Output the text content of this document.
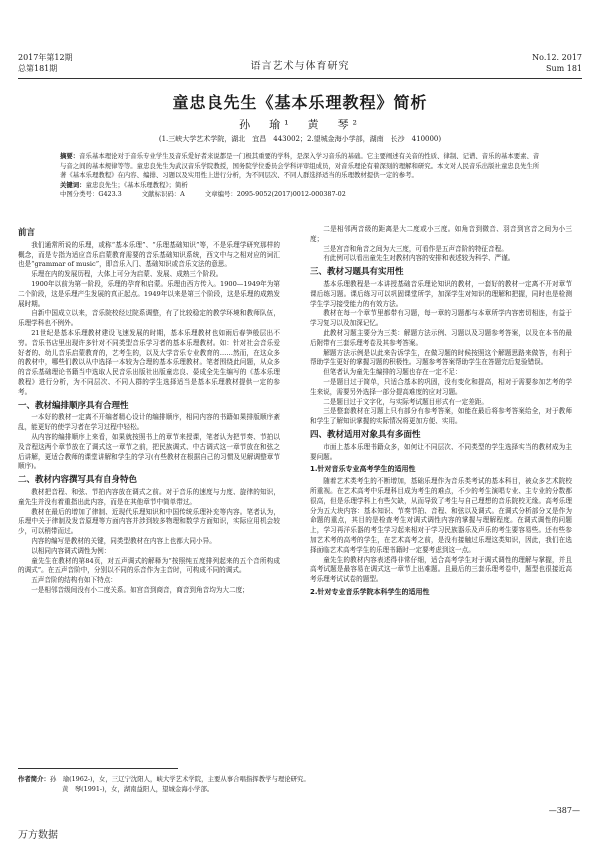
2017年第12期
总第181期	语言艺术与体育研究
No.12. 2017
Sum 181
童忠良先生《基本乐理教程》简析
孙　瑜¹　黄　琴²
(1.三峡大学艺术学院，湖北　宜昌　443002；2.望城金海小学部，湖南　长沙　410000)

摘要：音乐基本理论对于音乐专业学生及音乐爱好者来说都是一门极其重要的学科，是深入学习音乐的基础。它主要阐述有关音的性质、律制、记谱、音乐的基本要素、音与音之间的基本规律等等。童忠良先生为武汉音乐学院教授，国务院学位委员会学科评审组成员，对音乐理论有着深刻的理解和研究。本文对人民音乐出版社童忠良先生所著《基本乐理教程》在内容、编排、习题以及实用性上进行分析，为不同层次、不同人群选择适当的乐理教材提供一定的参考。

关键词：童忠良先生；《基本乐理教程》；简析

中图分类号：G423.3	文献标识码：A	文章编号：2095-9052(2017)0012-000387-02

前言

我们通常所说的乐理，或称“基本乐理”、“乐理基础知识”等，不是乐理学研究那样的概念，而是专指为适应音乐启蒙教育需要的音乐基础知识系统，西文中与之相对应的词汇也是“grammar of music”，即音乐入门、基础知识或音乐文法的意思。

乐理在内的发展历程，大体上可分为启蒙、发展、成熟三个阶段。

1900年以前为第一阶段，乐理的孕育和启蒙。乐理由西方传入。1900—1949年为第二个阶段，这是乐理产生发展的真正起点。1949年以来是第三个阶段，这是乐理的成熟发展时期。

自新中国成立以来，音乐院校经过院系调整，有了比较稳定的教学环境和教师队伍，乐理学科也不例外。

21世纪是基本乐理教材建设飞速发展的时期，基本乐理教材也如雨后春笋般层出不穷。音乐书店里出现许多针对不同类型音乐学习者的基本乐理教材。如：针对社会音乐爱好者的、幼儿音乐启蒙教育的，艺考生的，以及大学音乐专业教育的……然而，在这众多的教材中，哪些们教以从中选择一本较为合理的基本乐理教材。笔者围绕此问题，从众多的音乐基础理论书籍当中选取人民音乐出版社出版童忠良、晏成全先生编写的《基本乐理教程》进行分析，为不同层次、不同人群的学生选择适当是基本乐理教材提供一定的参考。

一、教材编排顺序具有合理性

一本好的教材一定离不开编者精心设计的编排顺序，相同内容的书籍如果排版顺序紊乱，能更好的使学习者在学习过程中轻松。

从内容的编排顺序上来看，如果就按照书上的章节来授课，笔者认为把节奏、节拍以及音程这两个章节放在了调式这一章节之前，把民族调式、中古调式这一章节放在和弦之后讲解，更适合教师的课堂讲解和学生的学习(有些教材在根据自己的习惯及见解调整章节顺序)。

二、教材内容撰写具有自身特色

教材把音程、和弦、节拍内容放在调式之前。对于音乐的速度与力度、旋律的知识，童先生并没有着重指出此内容，而是在其他章节中简单带过。

教材在最后的增加了律制、近现代乐理知识和中国传统乐理补充等内容。笔者认为，乐理中关于律制及发音原理等方面内容并涉到较多物理和数学方面知识，实际应用机会较少，可以稍带而过。

内容的编写是教材的关键，同类型教材在内容上也都大同小异。

以相同内容调式调性为例：

童先生在教材的第84页，对五声调式的解释为“按照纯五度排列起来的五个音所构成的调式”。在五声音阶中，分别以不同的乐音作为主音时，可构成不同的调式。

五声音阶的结构有如下特点：

一是相邻音级间没有小二度关系。如宫音到商音，商音到角音均为大二度；

二是相邻两音级的距离是大二度或小三度。如角音到微音、羽音到宫音之间为小三度；

三是宫音和角音之间为大三度，可看作是五声音阶的特征音程。

有此例可以看出童先生对教材内容的安排和表述较为科学、严谨。

三、教材习题具有实用性

基本乐理教程是一本讲授基础音乐理论知识的教材，一套好的教材一定离不开对章节课后练习题。课后练习可以巩固课堂所学，加深学生对知识的理解和把握，同时也是检测学生学习接受能力的有效方法。

教材在每一个章节里都带有习题，每一章的习题都与本章所学内容密切相连，有益于学习复习以及加深记忆。

此教材习题主要分为三类：解题方法示例、习题以及习题参考答案，以及在本书的最后附带有三套乐理考卷及其参考答案。

解题方法示例是以此来告诉学生，在做习题的时候按照这个解题思路来做答，有利于帮助学生更好的掌握习题的积极性。习题参考答案帮助学生在答题完后复验错误。

但笔者认为童先生编排的习题也存在一定不足：

一是题目过于简单，只适合基本的巩固，没有变化和提高，相对于需要参加艺考的学生来说，需要另外选择一部分提高难度的应对习题。

二是题目过于文字化，与实际考试题目形式有一定差距。

三是整套教材在习题上只有部分有参考答案，如能在最后将参考答案给全，对于教师和学生了解知识掌握的实际情况将更加方便、实用。

四、教材适用对象具有多面性

市面上基本乐理书籍众多，如何让不同层次、不同类型的学生选择实当的教材成为主要问题。

1.针对音乐专业高考学生的适用性

随着艺术类考生的不断增加，基础乐理作为音乐类考试的基本科目，被众多艺术院校所重视。在艺术高考中乐理科目成为考生的难点，不少的考生演唱专业、主专业的分数都很高，但是乐理学科上有些欠缺，从而导致了考生与自己理想的音乐院校无缘。高考乐理分为五大块内容：基本知识、节奏节拍、音程、和弦以及调式。在调式分析部分又是作为命题的重点，其目的是检查考生对调式调性内容的掌握与理解程度。在调式调性的问题上，学习再洋乐器的考生学习起来相对于学习民族器乐及声乐的考生要容易些。还有些参加艺术考的高考的学生，在艺术高考之前，是没有接触过乐理这类知识，因此，我们在选择面临艺术高考学生的乐理书籍时一定要考虑到这一点。

童先生的教材内容表述得非常仔细，适合高考学生对于调式调性的理解与掌握，并且高考试题是最容易在调式这一章节上出难题。且最后的三套乐理考卷中，题型也很接近高考乐理考试试卷的题型。

2.针对专业音乐学院本科学生的适用性
作者简介：孙　瑜(1962-)，女，三辽宁沈阳人，峡大学艺术学院，主要从事合唱指挥教学与理论研究。
黄　琴(1991-)，女，湖南益阳人，望城金海小学部。
—387—
万方数据
